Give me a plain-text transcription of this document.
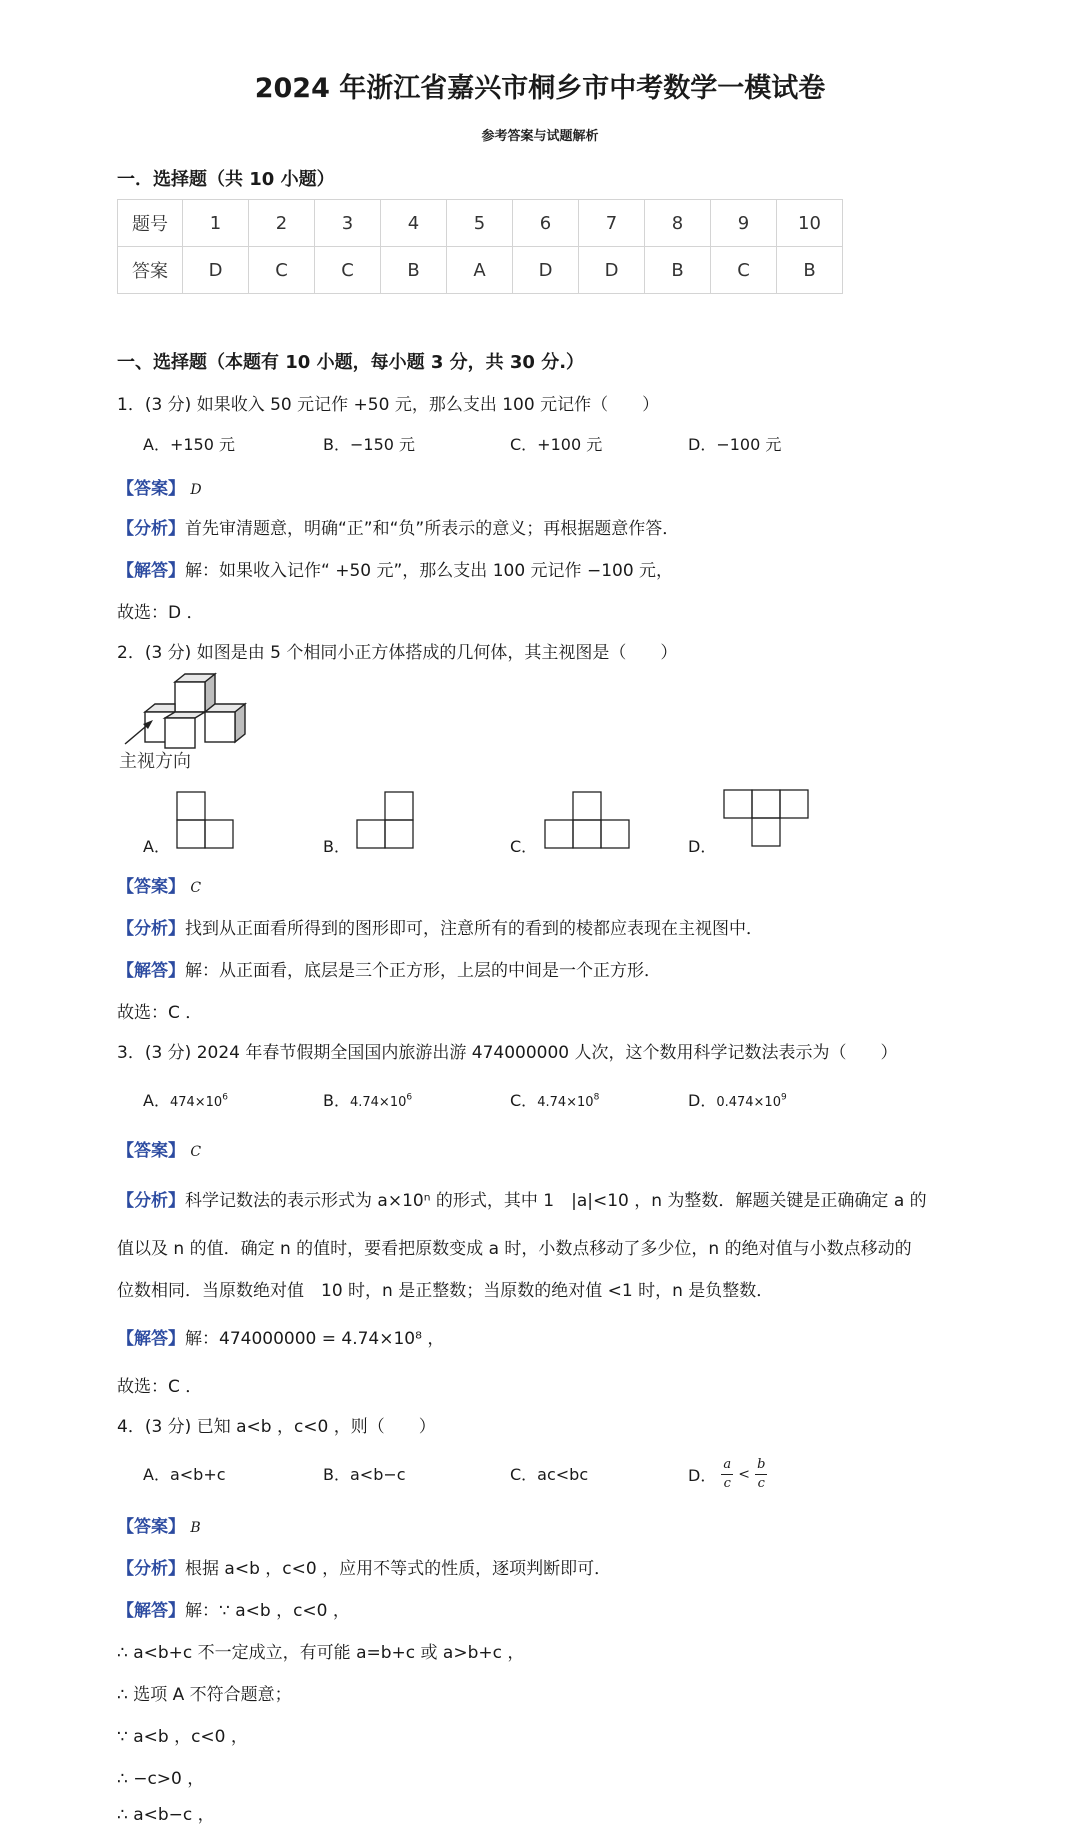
2024 年浙江省嘉兴市桐乡市中考数学一模试卷
参考答案与试题解析
一．选择题（共 10 小题）
题号	1	2	3	4	5	6	7	8	9	10
答案	D	C	C	B	A	D	D	B	C	B
一、选择题（本题有 10 小题，每小题 3 分，共 30 分.）
1．(3 分) 如果收入 50 元记作 +50 元，那么支出 100 元记作（　　）
A．+150 元	B．−150 元	C．+100 元	D．−100 元
【答案】 D
【分析】首先审清题意，明确“正”和“负”所表示的意义；再根据题意作答．
【解答】解：如果收入记作“ +50 元”，那么支出 100 元记作 −100 元，
故选：D ．
2．(3 分) 如图是由 5 个相同小正方体搭成的几何体，其主视图是（　　）
主视方向
A．	B．	C．	D．
【答案】 C
【分析】找到从正面看所得到的图形即可，注意所有的看到的棱都应表现在主视图中．
【解答】解：从正面看，底层是三个正方形，上层的中间是一个正方形．
故选：C ．
3．(3 分) 2024 年春节假期全国国内旅游出游 474000000 人次，这个数用科学记数法表示为（　　）
A．$474\times 10^6$	B．$4.74\times 10^6$	C．$4.74\times 10^8$	D．$0.474\times 10^9$
【答案】 C
【分析】科学记数法的表示形式为 a×10ⁿ 的形式，其中 1　|a|<10 ，n 为整数．解题关键是正确确定 a 的
值以及 n 的值．确定 n 的值时，要看把原数变成 a 时，小数点移动了多少位，n 的绝对值与小数点移动的
位数相同．当原数绝对值　10 时，n 是正整数；当原数的绝对值 <1 时，n 是负整数．
【解答】解：474000000 = 4.74×10⁸ ，
故选：C ．
4．(3 分) 已知 a<b ，c<0 ，则（　　）
A．a<b+c	B．a<b−c	C．ac<bc	D． $\frac{a}{c} < \frac{b}{c}$
【答案】 B
【分析】根据 a<b ，c<0 ，应用不等式的性质，逐项判断即可．
【解答】解：∵ a<b ，c<0 ，
∴ a<b+c 不一定成立，有可能 a=b+c 或 a>b+c ，
∴ 选项 A 不符合题意；
∵ a<b ，c<0 ，
∴ −c>0 ，
∴ a<b−c ，
